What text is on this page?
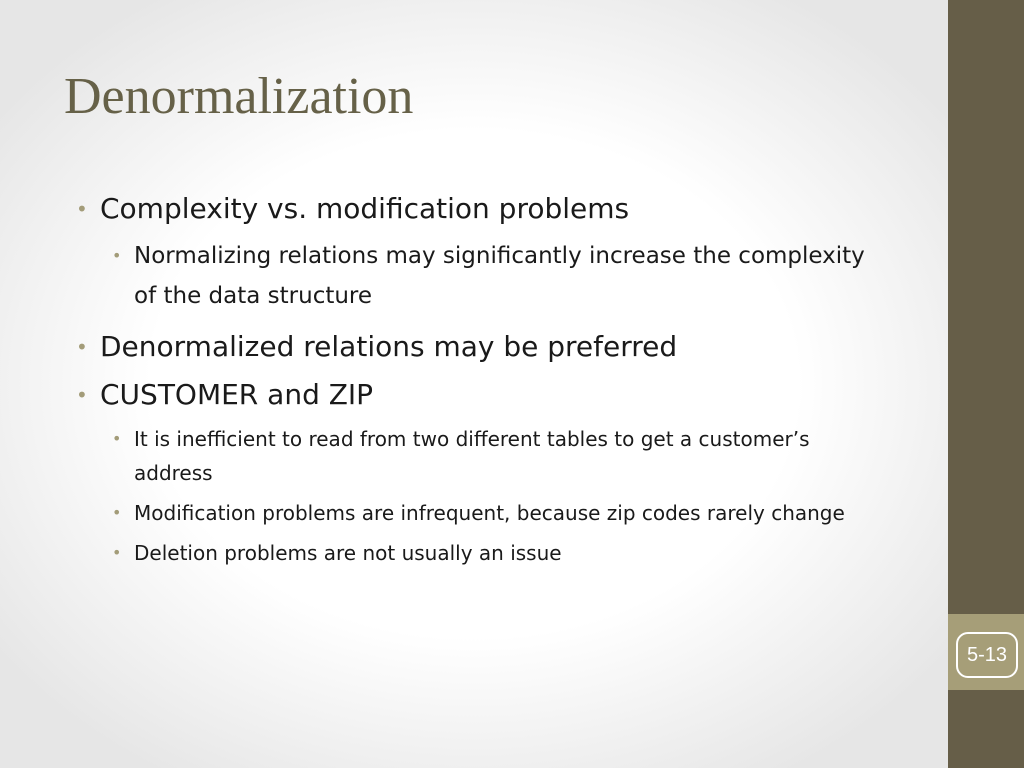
5-13
Denormalization
• Complexity vs. modification problems
• Normalizing relations may significantly increase the complexity of the data structure
• Denormalized relations may be preferred
• CUSTOMER and ZIP
• It is inefficient to read from two different tables to get a customer’s address
• Modification problems are infrequent, because zip codes rarely change
• Deletion problems are not usually an issue
